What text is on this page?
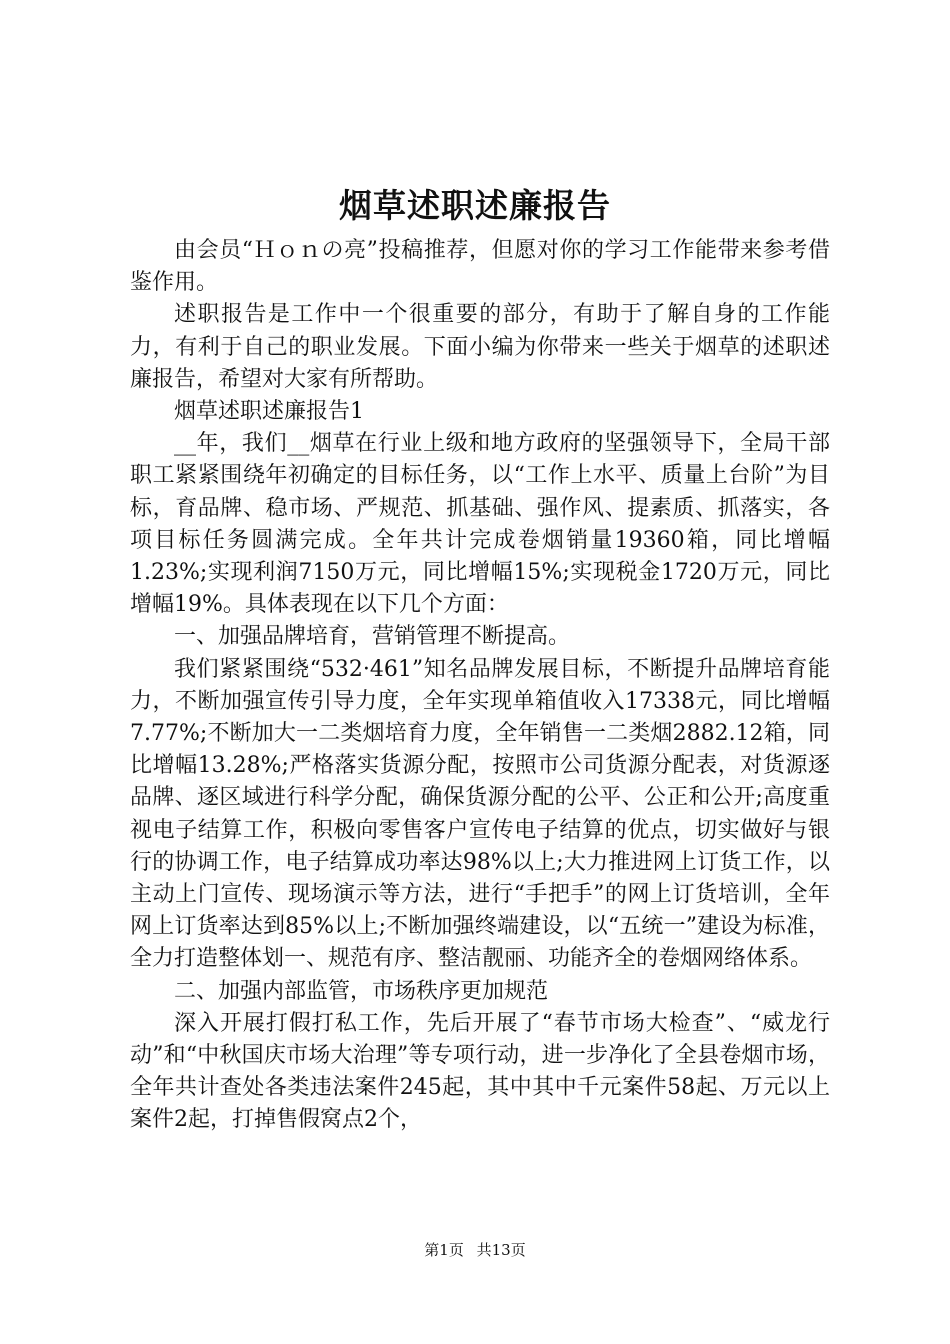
烟草述职述廉报告

由会员“Ｈｏｎの亮”投稿推荐，但愿对你的学习工作能带来参考借鉴作用。

述职报告是工作中一个很重要的部分，有助于了解自身的工作能力，有利于自己的职业发展。下面小编为你带来一些关于烟草的述职述廉报告，希望对大家有所帮助。

烟草述职述廉报告1

__年，我们__烟草在行业上级和地方政府的坚强领导下，全局干部职工紧紧围绕年初确定的目标任务，以“工作上水平、质量上台阶”为目标，育品牌、稳市场、严规范、抓基础、强作风、提素质、抓落实，各项目标任务圆满完成。全年共计完成卷烟销量19360箱，同比增幅1.23%;实现利润7150万元，同比增幅15%;实现税金1720万元，同比增幅19%。具体表现在以下几个方面：

一、加强品牌培育，营销管理不断提高。

我们紧紧围绕“532·461”知名品牌发展目标，不断提升品牌培育能力，不断加强宣传引导力度，全年实现单箱值收入17338元，同比增幅7.77%;不断加大一二类烟培育力度，全年销售一二类烟2882.12箱，同比增幅13.28%;严格落实货源分配，按照市公司货源分配表，对货源逐品牌、逐区域进行科学分配，确保货源分配的公平、公正和公开;高度重视电子结算工作，积极向零售客户宣传电子结算的优点，切实做好与银行的协调工作，电子结算成功率达98%以上;大力推进网上订货工作，以主动上门宣传、现场演示等方法，进行“手把手”的网上订货培训，全年网上订货率达到85%以上;不断加强终端建设，以“五统一”建设为标准，全力打造整体划一、规范有序、整洁靓丽、功能齐全的卷烟网络体系。

二、加强内部监管，市场秩序更加规范

深入开展打假打私工作，先后开展了“春节市场大检查”、“威龙行动”和“中秋国庆市场大治理”等专项行动，进一步净化了全县卷烟市场，全年共计查处各类违法案件245起，其中其中千元案件58起、万元以上案件2起，打掉售假窝点2个，

第1页 共13页
